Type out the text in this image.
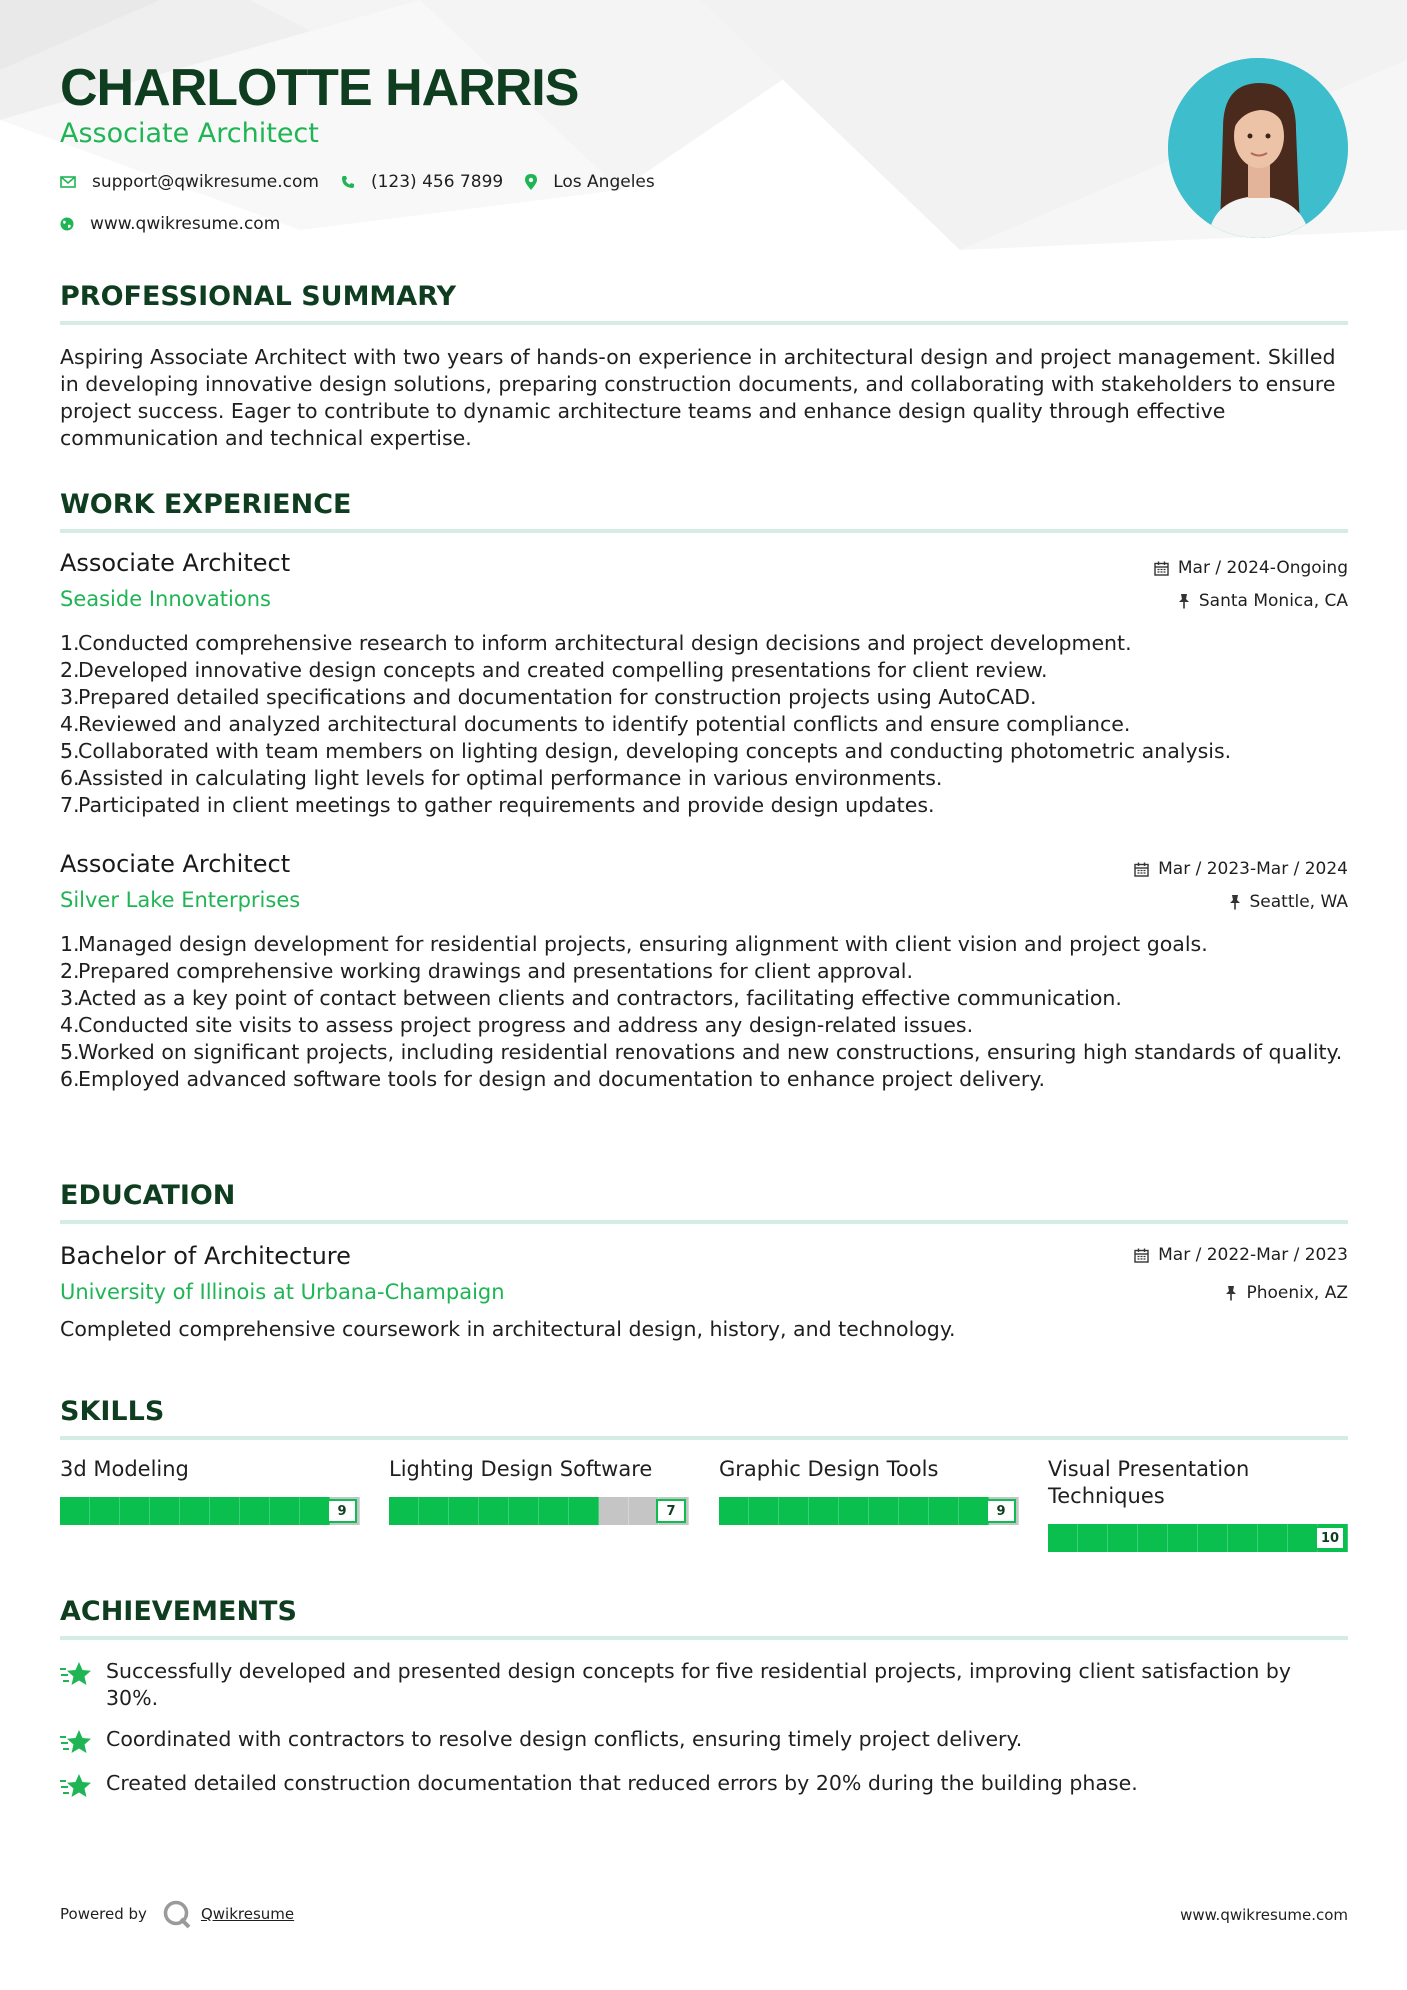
CHARLOTTE HARRIS
Associate Architect
support@qwikresume.com	(123) 456 7899	Los Angeles
www.qwikresume.com
PROFESSIONAL SUMMARY
Aspiring Associate Architect with two years of hands-on experience in architectural design and project management. Skilled in developing innovative design solutions, preparing construction documents, and collaborating with stakeholders to ensure project success. Eager to contribute to dynamic architecture teams and enhance design quality through effective communication and technical expertise.
WORK EXPERIENCE
Associate Architect	Mar / 2024-Ongoing
Seaside Innovations	Santa Monica, CA
1.
Conducted comprehensive research to inform architectural design decisions and project development.
2.
Developed innovative design concepts and created compelling presentations for client review.
3.
Prepared detailed specifications and documentation for construction projects using AutoCAD.
4.
Reviewed and analyzed architectural documents to identify potential conflicts and ensure compliance.
5.
Collaborated with team members on lighting design, developing concepts and conducting photometric analysis.
6.
Assisted in calculating light levels for optimal performance in various environments.
7.
Participated in client meetings to gather requirements and provide design updates.
Associate Architect	Mar / 2023-Mar / 2024
Silver Lake Enterprises	Seattle, WA
1.
Managed design development for residential projects, ensuring alignment with client vision and project goals.
2.
Prepared comprehensive working drawings and presentations for client approval.
3.
Acted as a key point of contact between clients and contractors, facilitating effective communication.
4.
Conducted site visits to assess project progress and address any design-related issues.
5.
Worked on significant projects, including residential renovations and new constructions, ensuring high standards of quality.
6.
Employed advanced software tools for design and documentation to enhance project delivery.
EDUCATION
Bachelor of Architecture	Mar / 2022-Mar / 2023
University of Illinois at Urbana-Champaign	Phoenix, AZ
Completed comprehensive coursework in architectural design, history, and technology.
SKILLS
3d Modeling
9
Lighting Design Software
7
Graphic Design Tools
9
Visual Presentation Techniques
10
ACHIEVEMENTS
Successfully developed and presented design concepts for five residential projects, improving client satisfaction by 30%.
Coordinated with contractors to resolve design conflicts, ensuring timely project delivery.
Created detailed construction documentation that reduced errors by 20% during the building phase.
Powered by	Qwikresume	www.qwikresume.com
